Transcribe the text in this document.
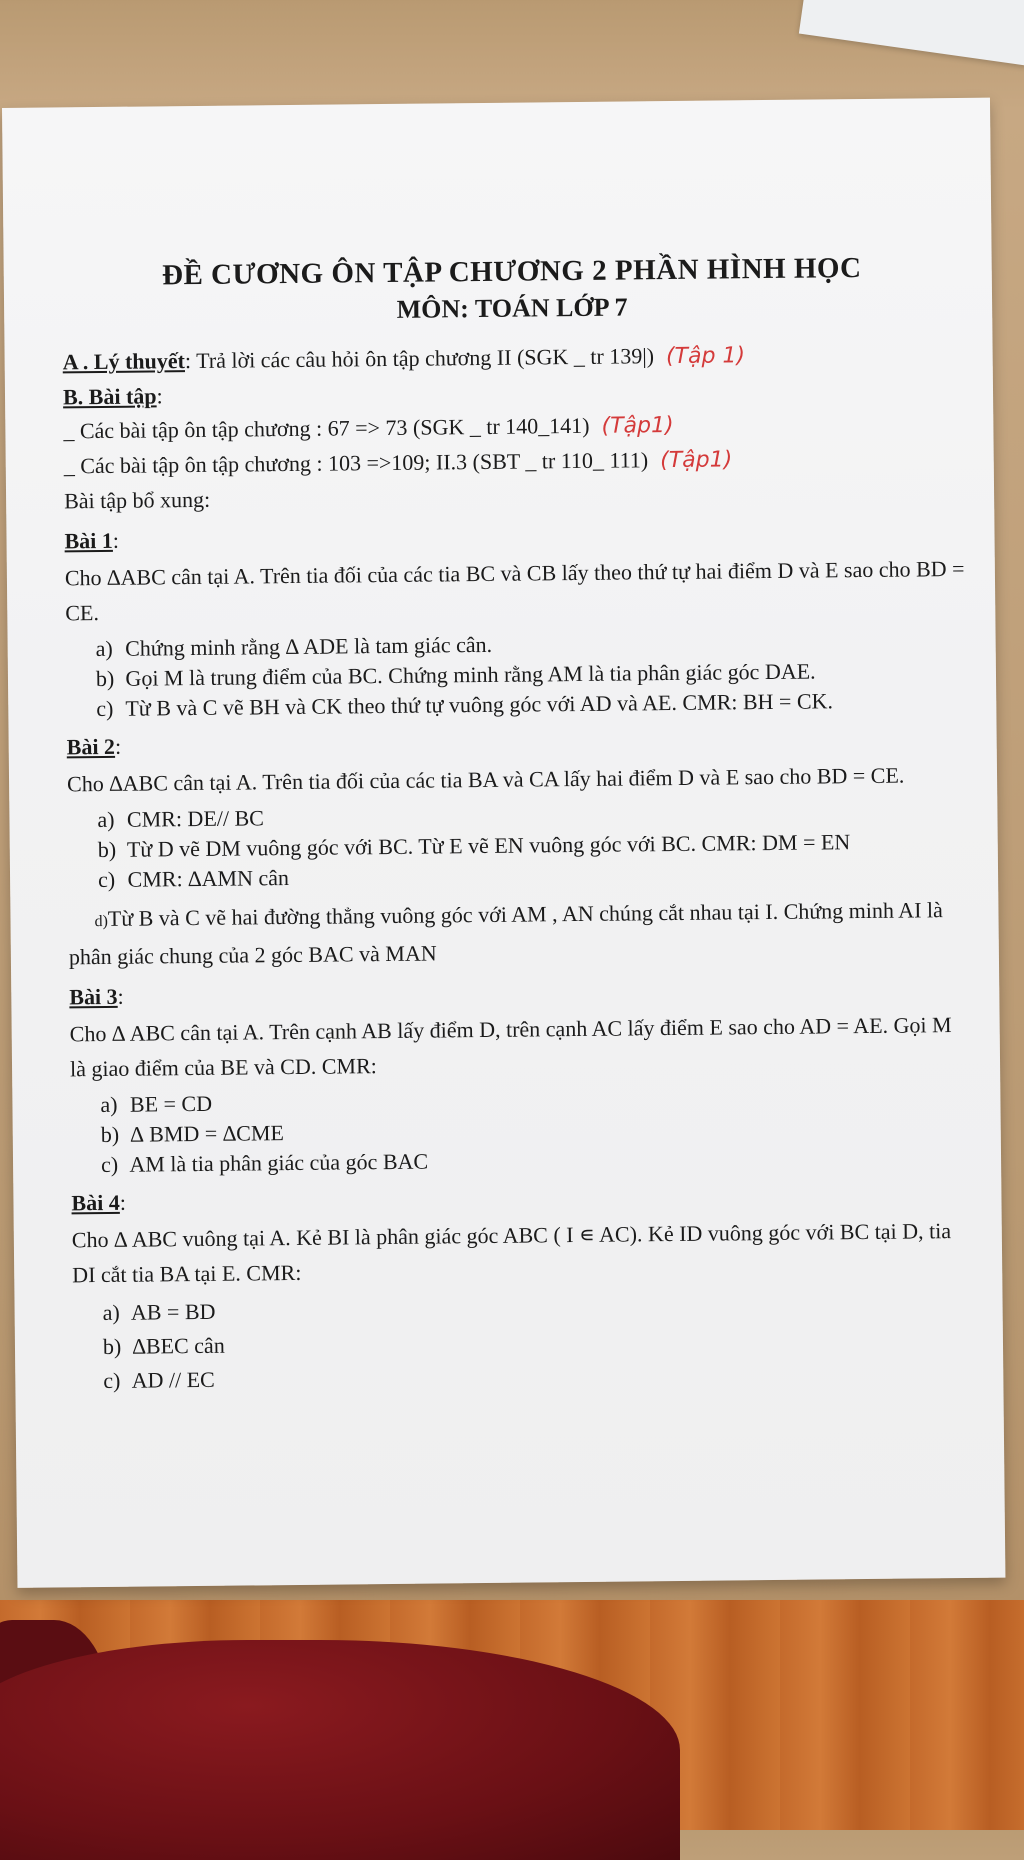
ĐỀ CƯƠNG ÔN TẬP CHƯƠNG 2 PHẦN HÌNH HỌC

MÔN: TOÁN LỚP 7

A . Lý thuyết: Trả lời các câu hỏi ôn tập chương II (SGK _ tr 139|) (Tập 1)

B. Bài tập:

_ Các bài tập ôn tập chương : 67 => 73 (SGK _ tr 140_141) (Tập1)

_ Các bài tập ôn tập chương : 103 =>109; II.3 (SBT _ tr 110_ 111) (Tập1)

Bài tập bổ xung:

Bài 1:

Cho ∆ABC cân tại A. Trên tia đối của các tia BC và CB lấy theo thứ tự hai điểm D và E sao cho BD = CE.

a) Chứng minh rằng ∆ ADE là tam giác cân.
b) Gọi M là trung điểm của BC. Chứng minh rằng AM là tia phân giác góc DAE.
c) Từ B và C vẽ BH và CK theo thứ tự vuông góc với AD và AE. CMR: BH = CK.

Bài 2:

Cho ∆ABC cân tại A. Trên tia đối của các tia BA và CA lấy hai điểm D và E sao cho BD = CE.

a) CMR: DE// BC
b) Từ D vẽ DM vuông góc với BC. Từ E vẽ EN vuông góc với BC. CMR: DM = EN
c) CMR: ∆AMN cân

d)Từ B và C vẽ hai đường thẳng vuông góc với AM , AN chúng cắt nhau tại I. Chứng minh AI là phân giác chung của 2 góc BAC và MAN

Bài 3:

Cho ∆ ABC cân tại A. Trên cạnh AB lấy điểm D, trên cạnh AC lấy điểm E sao cho AD = AE. Gọi M là giao điểm của BE và CD. CMR:

a) BE = CD
b) ∆ BMD = ∆CME
c) AM là tia phân giác của góc BAC

Bài 4:

Cho ∆ ABC vuông tại A. Kẻ BI là phân giác góc ABC ( I ∊ AC). Kẻ ID vuông góc với BC tại D, tia DI cắt tia BA tại E. CMR:

a) AB = BD
b) ∆BEC cân
c) AD // EC
